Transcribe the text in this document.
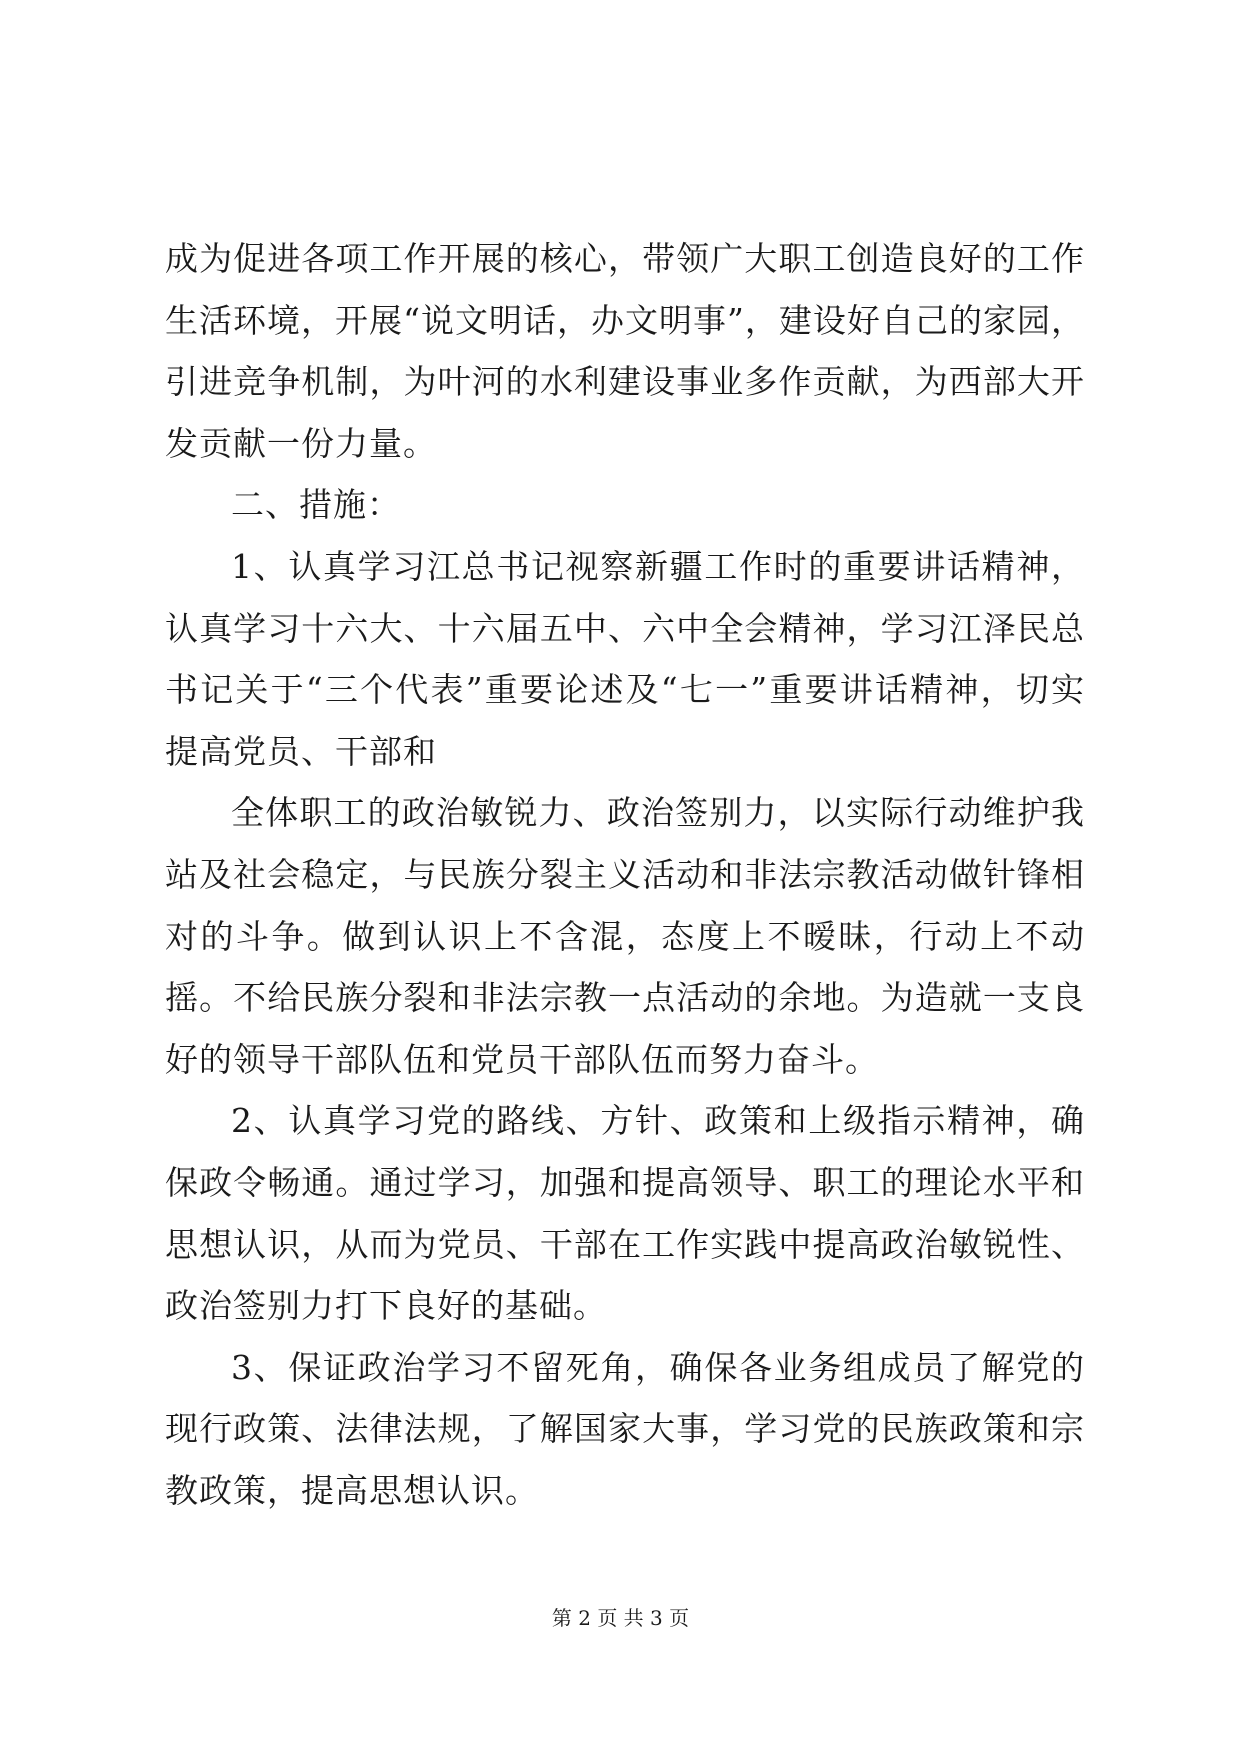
成为促进各项工作开展的核心，带领广大职工创造良好的工作生活环境，开展“说文明话，办文明事”，建设好自己的家园，引进竞争机制，为叶河的水利建设事业多作贡献，为西部大开发贡献一份力量。

二、措施：

1、认真学习江总书记视察新疆工作时的重要讲话精神，认真学习十六大、十六届五中、六中全会精神，学习江泽民总书记关于“三个代表”重要论述及“七一”重要讲话精神，切实提高党员、干部和

全体职工的政治敏锐力、政治签别力，以实际行动维护我站及社会稳定，与民族分裂主义活动和非法宗教活动做针锋相对的斗争。做到认识上不含混，态度上不暧昧，行动上不动摇。不给民族分裂和非法宗教一点活动的余地。为造就一支良好的领导干部队伍和党员干部队伍而努力奋斗。

2、认真学习党的路线、方针、政策和上级指示精神，确保政令畅通。通过学习，加强和提高领导、职工的理论水平和思想认识，从而为党员、干部在工作实践中提高政治敏锐性、政治签别力打下良好的基础。

3、保证政治学习不留死角，确保各业务组成员了解党的现行政策、法律法规，了解国家大事，学习党的民族政策和宗教政策，提高思想认识。

第 2 页 共 3 页
